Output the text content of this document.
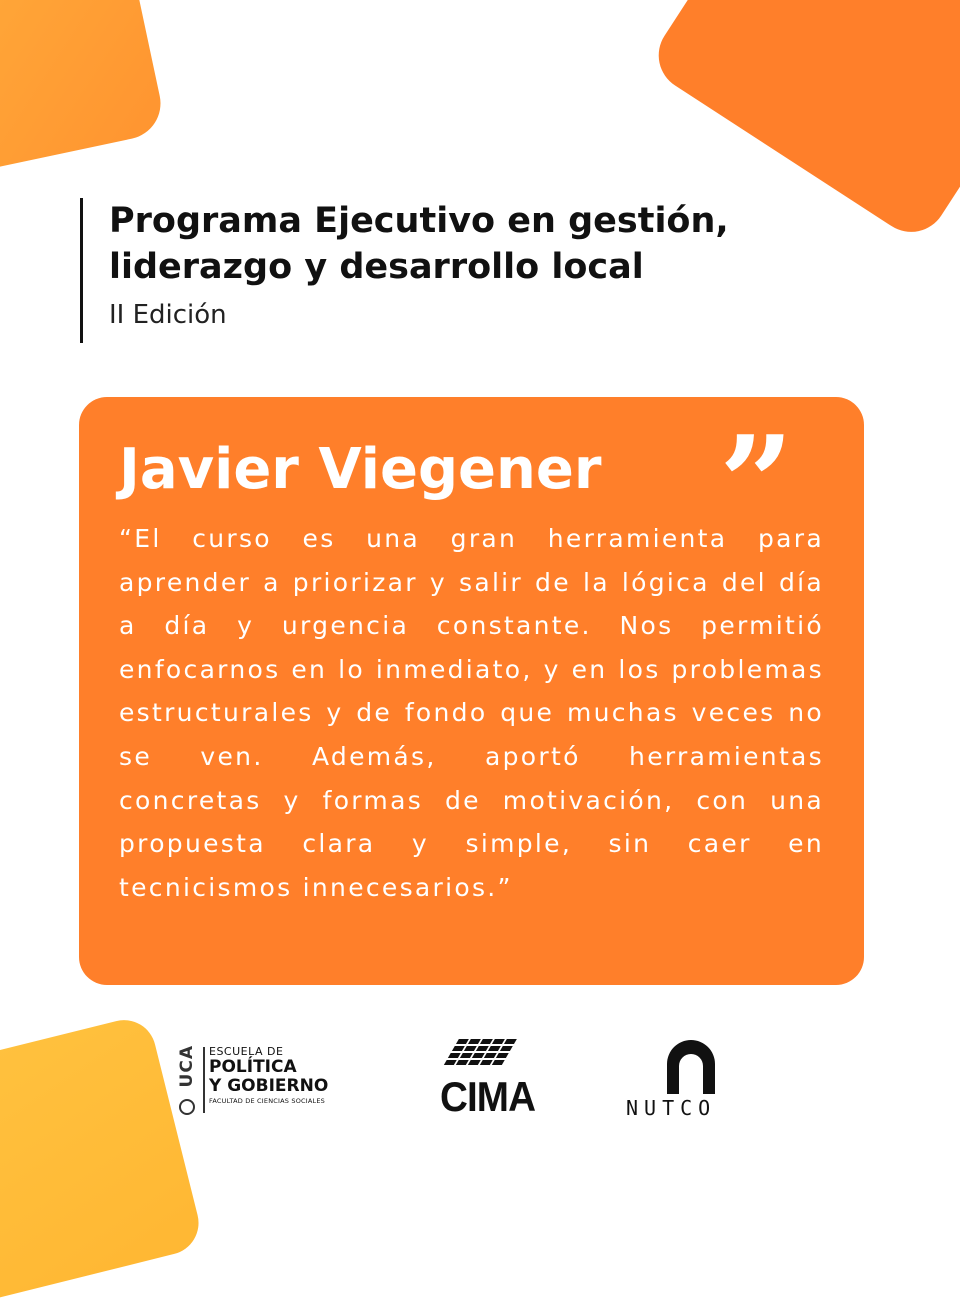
Programa Ejecutivo en gestión,
liderazgo y desarrollo local
II Edición
Javier Viegener ”

“El curso es una gran herramienta para aprender a priorizar y salir de la lógica del día a día y urgencia constante. Nos permitió enfocarnos en lo inmediato, y en los problemas estructurales y de fondo que muchas veces no se ven. Además, aportó herramientas concretas y formas de motivación, con una propuesta clara y simple, sin caer en tecnicismos innecesarios.”

UCA ESCUELA DE
POLÍTICA
Y GOBIERNO
FACULTAD DE CIENCIAS SOCIALES	CIMA	NUTCO
